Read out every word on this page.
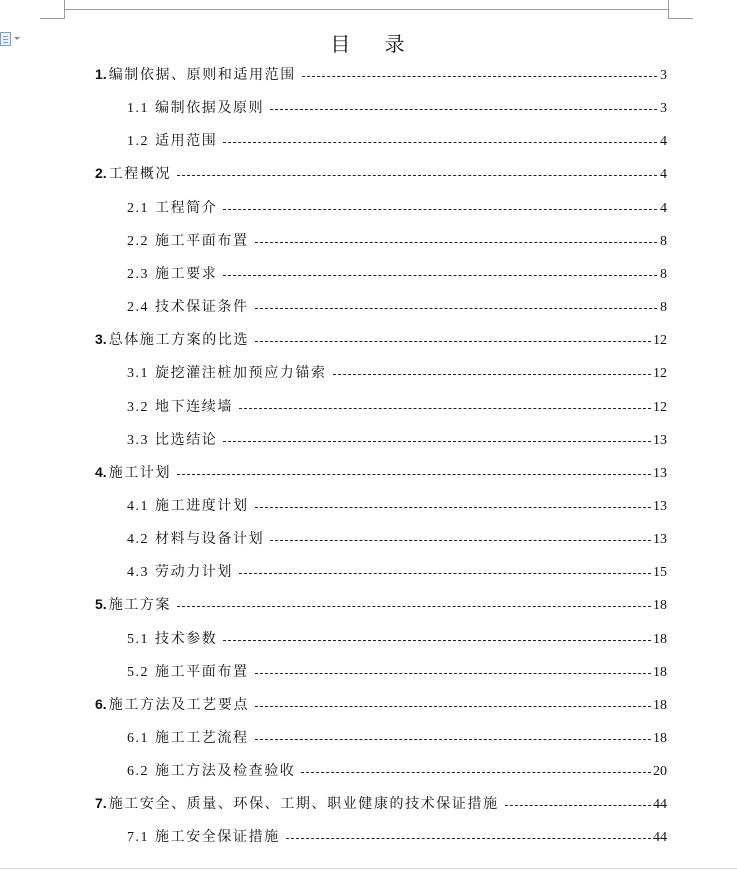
目 录
1. 编制依据、原则和适用范围	3
1.1 编制依据及原则	3
1.2 适用范围	4
2. 工程概况	4
2.1 工程简介	4
2.2 施工平面布置	8
2.3 施工要求	8
2.4 技术保证条件	8
3. 总体施工方案的比选	12
3.1 旋挖灌注桩加预应力锚索	12
3.2 地下连续墙	12
3.3 比选结论	13
4. 施工计划	13
4.1 施工进度计划	13
4.2 材料与设备计划	13
4.3 劳动力计划	15
5. 施工方案	18
5.1 技术参数	18
5.2 施工平面布置	18
6. 施工方法及工艺要点	18
6.1 施工工艺流程	18
6.2 施工方法及检查验收	20
7. 施工安全、质量、环保、工期、职业健康的技术保证措施	44
7.1 施工安全保证措施	44
